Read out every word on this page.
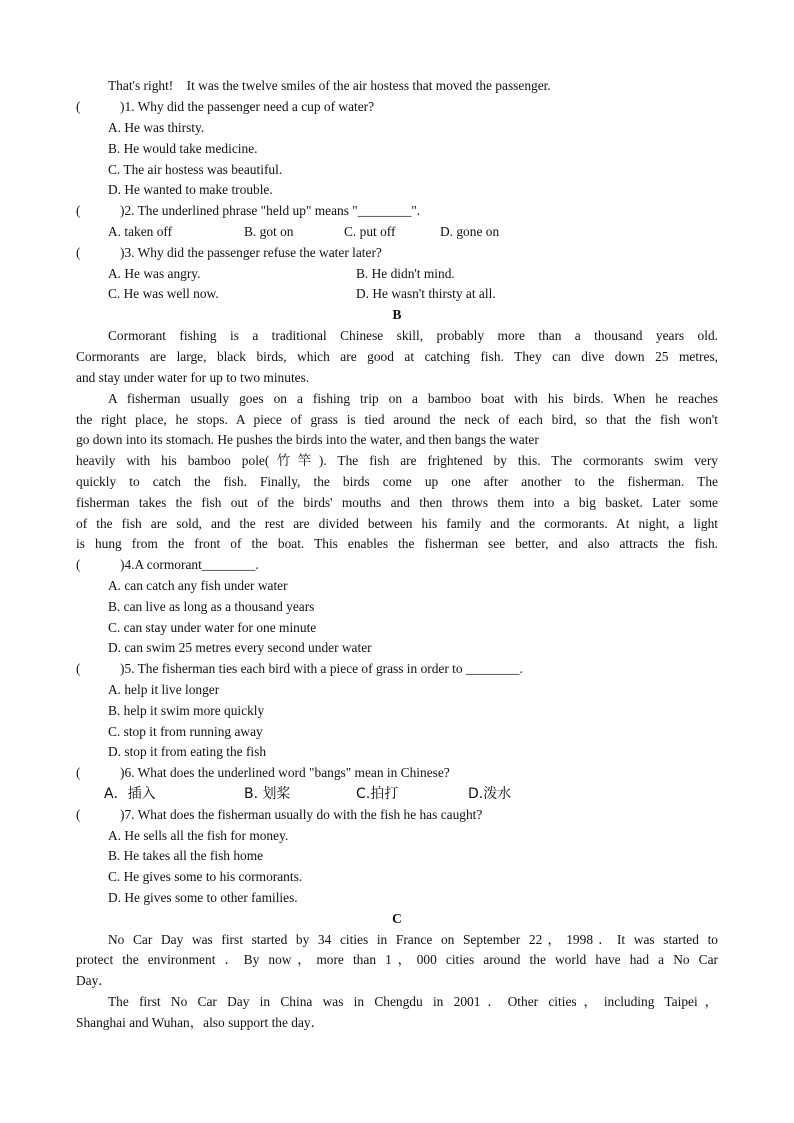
That's right!    It was the twelve smiles of the air hostess that moved the passenger.
(	)1. Why did the passenger need a cup of water?
A. He was thirsty.
B. He would take medicine.
C. The air hostess was beautiful.
D. He wanted to make trouble.
(	)2. The underlined phrase "held up" means "________".
A. taken off	B. got on	C. put off	D. gone on
(	)3. Why did the passenger refuse the water later?
A. He was angry.	B. He didn't mind.
C. He was well now.	D. He wasn't thirsty at all.
B
Cormorant fishing is a traditional Chinese skill, probably more than a thousand years old.
Cormorants are large, black birds, which are good at catching fish. They can dive down 25 metres,
and stay under water for up to two minutes.
A fisherman usually goes on a fishing trip on a bamboo boat with his birds. When he reaches
the right place, he stops. A piece of grass is tied around the neck of each bird, so that the fish won't
go down into its stomach. He pushes the birds into the water, and then bangs the water
heavily with his bamboo pole(竹竿). The fish are frightened by this. The cormorants swim very
quickly to catch the fish. Finally, the birds come up one after another to the fisherman. The
fisherman takes the fish out of the birds' mouths and then throws them into a big basket. Later some
of the fish are sold, and the rest are divided between his family and the cormorants. At night, a light
is hung from the front of the boat. This enables the fisherman see better, and also attracts the fish.
(	)4.A cormorant________.
A. can catch any fish under water
B. can live as long as a thousand years
C. can stay under water for one minute
D. can swim 25 metres every second under water
(	)5. The fisherman ties each bird with a piece of grass in order to ________.
A. help it live longer
B. help it swim more quickly
C. stop it from running away
D. stop it from eating the fish
(	)6. What does the underlined word "bangs" mean in Chinese?
A．插入	B. 划桨	C.拍打	D.泼水
(	)7. What does the fisherman usually do with the fish he has caught?
A. He sells all the fish for money.
B. He takes all the fish home
C. He gives some to his cormorants.
D. He gives some to other families.
C
No Car Day was first started by 34 cities in France on September 22，1998．It was started to
protect the environment ．By now，more than 1，000 cities around the world have had a No Car
Day．
The first No Car Day in China was in Chengdu in 2001．Other cities，including Taipei，
Shanghai and Wuhan，also support the day．
